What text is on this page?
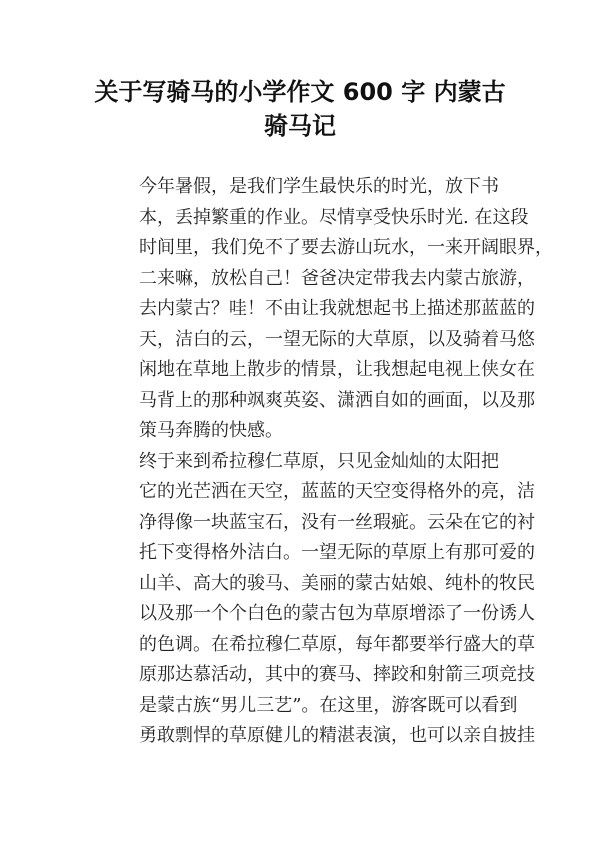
关于写骑马的小学作文 600 字 内蒙古
骑马记

今年暑假，是我们学生最快乐的时光，放下书
本，丢掉繁重的作业。尽情享受快乐时光. 在这段
时间里，我们免不了要去游山玩水，一来开阔眼界，
二来嘛，放松自己！爸爸决定带我去内蒙古旅游，
去内蒙古？哇！不由让我就想起书上描述那蓝蓝的
天，洁白的云，一望无际的大草原，以及骑着马悠
闲地在草地上散步的情景，让我想起电视上侠女在
马背上的那种飒爽英姿、潇洒自如的画面，以及那
策马奔腾的快感。

终于来到希拉穆仁草原，只见金灿灿的太阳把
它的光芒洒在天空，蓝蓝的天空变得格外的亮，洁
净得像一块蓝宝石，没有一丝瑕疵。云朵在它的衬
托下变得格外洁白。一望无际的草原上有那可爱的
山羊、高大的骏马、美丽的蒙古姑娘、纯朴的牧民
以及那一个个白色的蒙古包为草原增添了一份诱人
的色调。在希拉穆仁草原，每年都要举行盛大的草
原那达慕活动，其中的赛马、摔跤和射箭三项竞技
是蒙古族“男儿三艺”。在这里，游客既可以看到
勇敢剽悍的草原健儿的精湛表演，也可以亲自披挂
